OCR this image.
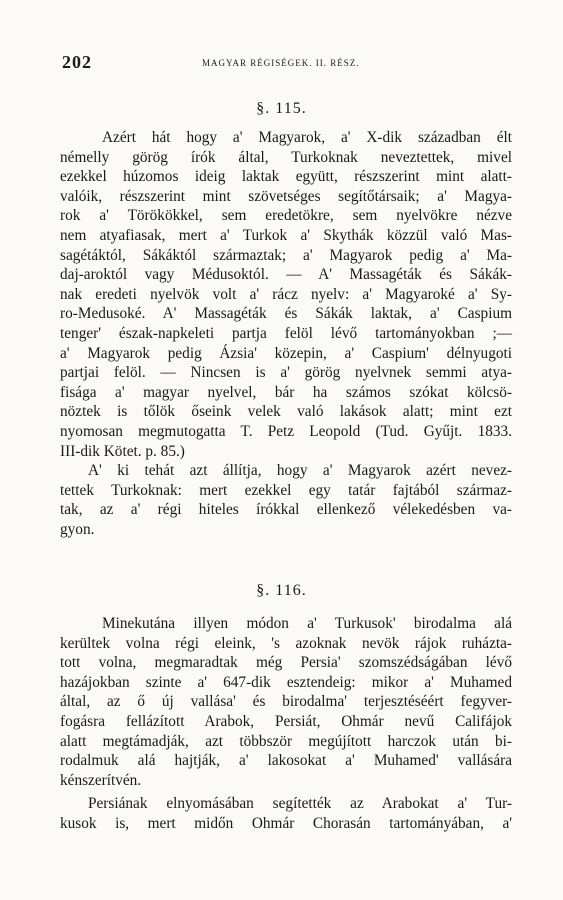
202	MAGYAR RÉGISÉGEK. II. RÉSZ.
§. 115.
Azért hát hogy a' Magyarok, a' X-dik században élt
némelly görög írók által, Turkoknak neveztettek, mivel
ezekkel húzomos ideig laktak együtt, részszerint mint alatt-
valóik, részszerint mint szövetséges segítőtársaik; a' Magya-
rok a' Törökökkel, sem eredetökre, sem nyelvökre nézve
nem atyafiasak, mert a' Turkok a' Skythák közzül való Mas-
sagétáktól, Sákáktól származtak; a' Magyarok pedig a' Ma-
daj-aroktól vagy Médusoktól. — A' Massagéták és Sákák-
nak eredeti nyelvök volt a' rácz nyelv: a' Magyaroké a' Sy-
ro-Medusoké. A' Massagéták és Sákák laktak, a' Caspium
tenger' észak-napkeleti partja felöl lévő tartományokban ;—
a' Magyarok pedig Ázsia' közepin, a' Caspium' délnyugoti
partjai felöl. — Nincsen is a' görög nyelvnek semmi atya-
fisága a' magyar nyelvel, bár ha számos szókat kölcsö-
nöztek is tőlök őseink velek való lakások alatt; mint ezt
nyomosan megmutogatta T. Petz Leopold (Tud. Gyűjt. 1833.
III-dik Kötet. p. 85.)
A' ki tehát azt állítja, hogy a' Magyarok azért nevez-
tettek Turkoknak: mert ezekkel egy tatár fajtából származ-
tak, az a' régi hiteles írókkal ellenkező vélekedésben va-
gyon.
§. 116.
Minekutána illyen módon a' Turkusok' birodalma alá
kerültek volna régi eleink, 's azoknak nevök rájok ruházta-
tott volna, megmaradtak még Persia' szomszédságában lévő
hazájokban szinte a' 647-dik esztendeig: mikor a' Muhamed
által, az ő új vallása' és birodalma' terjesztéséért fegyver-
fogásra fellázított Arabok, Persiát, Ohmár nevű Califájok
alatt megtámadják, azt többször megújított harczok után bi-
rodalmuk alá hajtják, a' lakosokat a' Muhamed' vallására
kénszerítvén.
Persiának elnyomásában segítették az Arabokat a' Tur-
kusok is, mert midőn Ohmár Chorasán tartományában, a'
